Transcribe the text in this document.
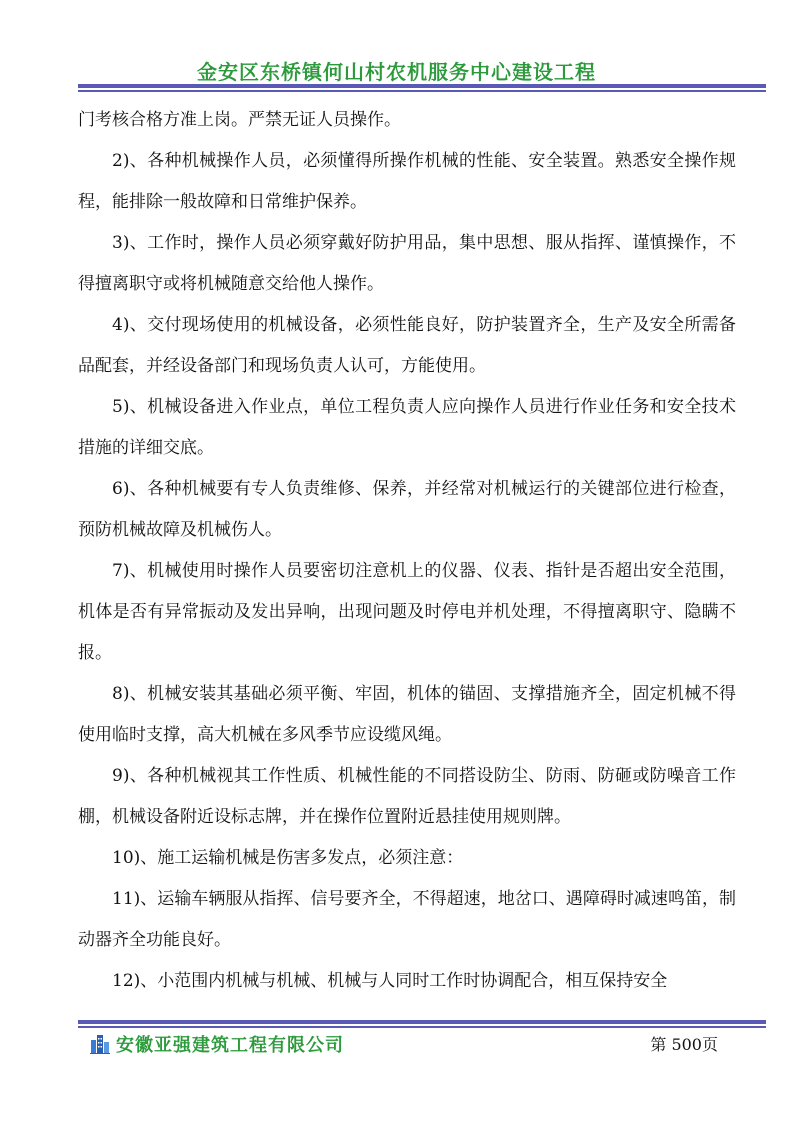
金安区东桥镇何山村农机服务中心建设工程

门考核合格方准上岗。严禁无证人员操作。

2)、各种机械操作人员，必须懂得所操作机械的性能、安全装置。熟悉安全操作规程，能排除一般故障和日常维护保养。

3)、工作时，操作人员必须穿戴好防护用品，集中思想、服从指挥、谨慎操作，不得擅离职守或将机械随意交给他人操作。

4)、交付现场使用的机械设备，必须性能良好，防护装置齐全，生产及安全所需备品配套，并经设备部门和现场负责人认可，方能使用。

5)、机械设备进入作业点，单位工程负责人应向操作人员进行作业任务和安全技术措施的详细交底。

6)、各种机械要有专人负责维修、保养，并经常对机械运行的关键部位进行检查，预防机械故障及机械伤人。

7)、机械使用时操作人员要密切注意机上的仪器、仪表、指针是否超出安全范围，机体是否有异常振动及发出异响，出现问题及时停电并机处理，不得擅离职守、隐瞒不报。

8)、机械安装其基础必须平衡、牢固，机体的锚固、支撑措施齐全，固定机械不得使用临时支撑，高大机械在多风季节应设缆风绳。

9)、各种机械视其工作性质、机械性能的不同搭设防尘、防雨、防砸或防噪音工作棚，机械设备附近设标志牌，并在操作位置附近悬挂使用规则牌。

10)、施工运输机械是伤害多发点，必须注意：

11)、运输车辆服从指挥、信号要齐全，不得超速，地岔口、遇障碍时减速鸣笛，制动器齐全功能良好。

12)、小范围内机械与机械、机械与人同时工作时协调配合，相互保持安全

安徽亚强建筑工程有限公司	第 500页
